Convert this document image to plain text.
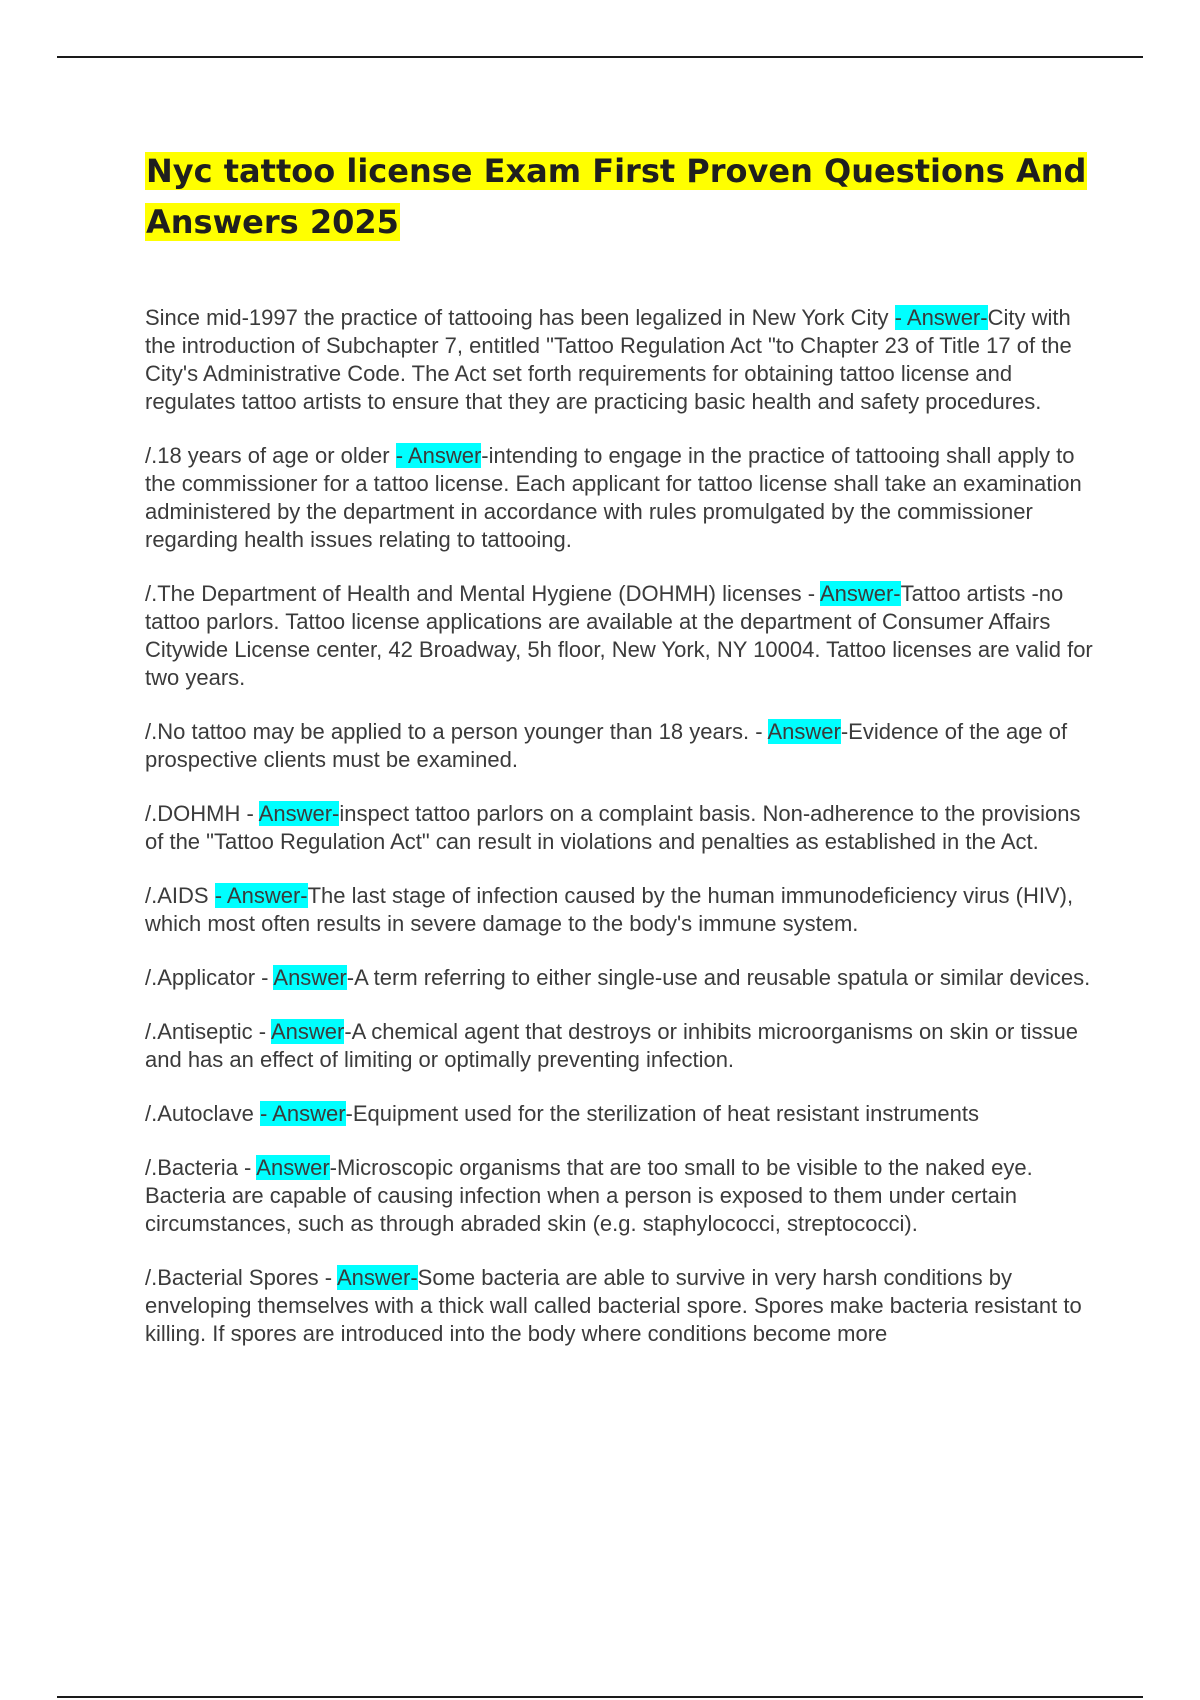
Nyc tattoo license Exam First Proven Questions And Answers 2025

Since mid-1997 the practice of tattooing has been legalized in New York City - Answer-City with the introduction of Subchapter 7, entitled "Tattoo Regulation Act "to Chapter 23 of Title 17 of the City's Administrative Code. The Act set forth requirements for obtaining tattoo license and regulates tattoo artists to ensure that they are practicing basic health and safety procedures.

/.18 years of age or older - Answer-intending to engage in the practice of tattooing shall apply to the commissioner for a tattoo license. Each applicant for tattoo license shall take an examination administered by the department in accordance with rules promulgated by the commissioner regarding health issues relating to tattooing.

/.The Department of Health and Mental Hygiene (DOHMH) licenses - Answer-Tattoo artists -no tattoo parlors. Tattoo license applications are available at the department of Consumer Affairs Citywide License center, 42 Broadway, 5h floor, New York, NY 10004. Tattoo licenses are valid for two years.

/.No tattoo may be applied to a person younger than 18 years. - Answer-Evidence of the age of prospective clients must be examined.

/.DOHMH - Answer-inspect tattoo parlors on a complaint basis. Non-adherence to the provisions of the "Tattoo Regulation Act" can result in violations and penalties as established in the Act.

/.AIDS - Answer-The last stage of infection caused by the human immunodeficiency virus (HIV), which most often results in severe damage to the body's immune system.

/.Applicator - Answer-A term referring to either single-use and reusable spatula or similar devices.

/.Antiseptic - Answer-A chemical agent that destroys or inhibits microorganisms on skin or tissue and has an effect of limiting or optimally preventing infection.

/.Autoclave - Answer-Equipment used for the sterilization of heat resistant instruments

/.Bacteria - Answer-Microscopic organisms that are too small to be visible to the naked eye. Bacteria are capable of causing infection when a person is exposed to them under certain circumstances, such as through abraded skin (e.g. staphylococci, streptococci).

/.Bacterial Spores - Answer-Some bacteria are able to survive in very harsh conditions by enveloping themselves with a thick wall called bacterial spore. Spores make bacteria resistant to killing. If spores are introduced into the body where conditions become more
